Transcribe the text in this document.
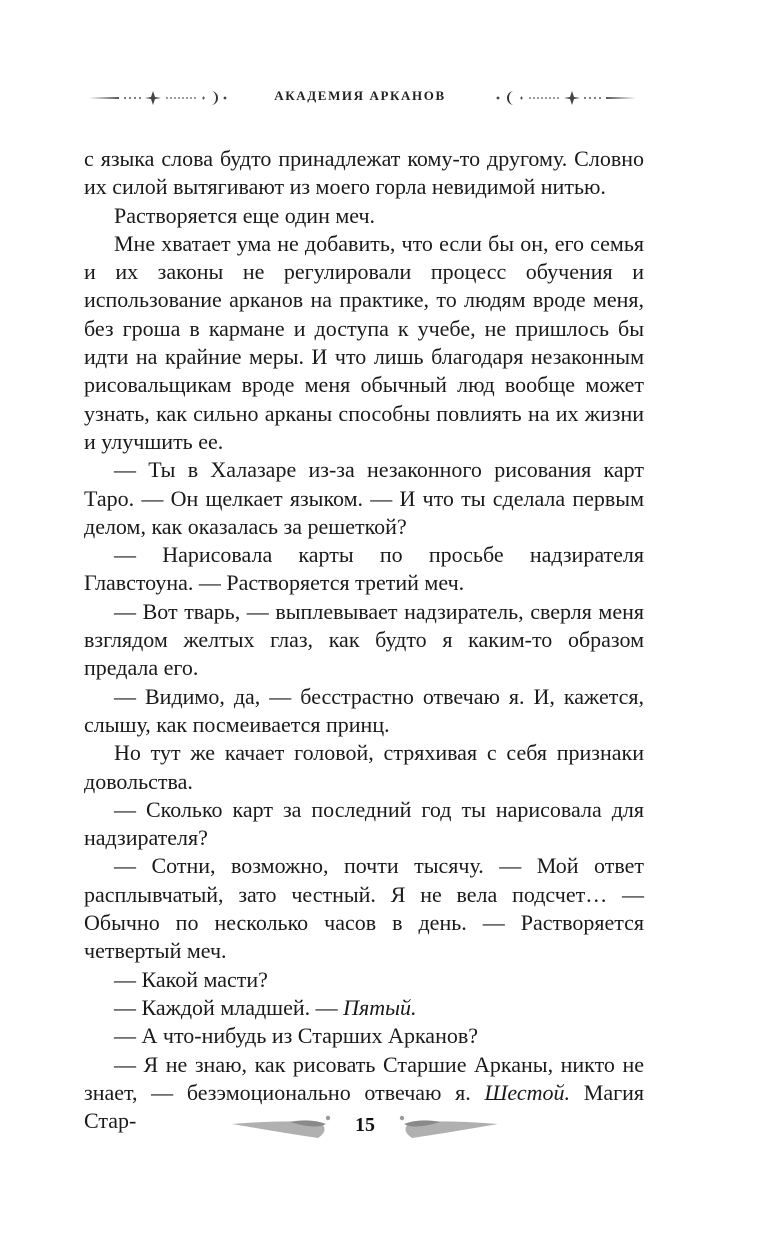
АКАДЕМИЯ АРКАНОВ

с языка слова будто принадлежат кому-то другому. Словно их силой вытягивают из моего горла невидимой нитью.

Растворяется еще один меч.

Мне хватает ума не добавить, что если бы он, его семья и их законы не регулировали процесс обучения и использование арканов на практике, то людям вроде меня, без гроша в кармане и доступа к учебе, не пришлось бы идти на крайние меры. И что лишь благодаря незаконным рисовальщикам вроде меня обычный люд вообще может узнать, как сильно арканы способны повлиять на их жизни и улучшить ее.

— Ты в Халазаре из-за незаконного рисования карт Таро. — Он щелкает языком. — И что ты сделала первым делом, как оказалась за решеткой?

— Нарисовала карты по просьбе надзирателя Главстоуна. — Растворяется третий меч.

— Вот тварь, — выплевывает надзиратель, сверля меня взглядом желтых глаз, как будто я каким-то образом предала его.

— Видимо, да, — бесстрастно отвечаю я. И, кажется, слышу, как посмеивается принц.

Но тут же качает головой, стряхивая с себя признаки довольства.

— Сколько карт за последний год ты нарисовала для надзирателя?

— Сотни, возможно, почти тысячу. — Мой ответ расплывчатый, зато честный. Я не вела подсчет… — Обычно по несколько часов в день. — Растворяется четвертый меч.

— Какой масти?

— Каждой младшей. — Пятый.

— А что-нибудь из Старших Арканов?

— Я не знаю, как рисовать Старшие Арканы, никто не знает, — безэмоционально отвечаю я. Шестой. Магия Стар-	15
